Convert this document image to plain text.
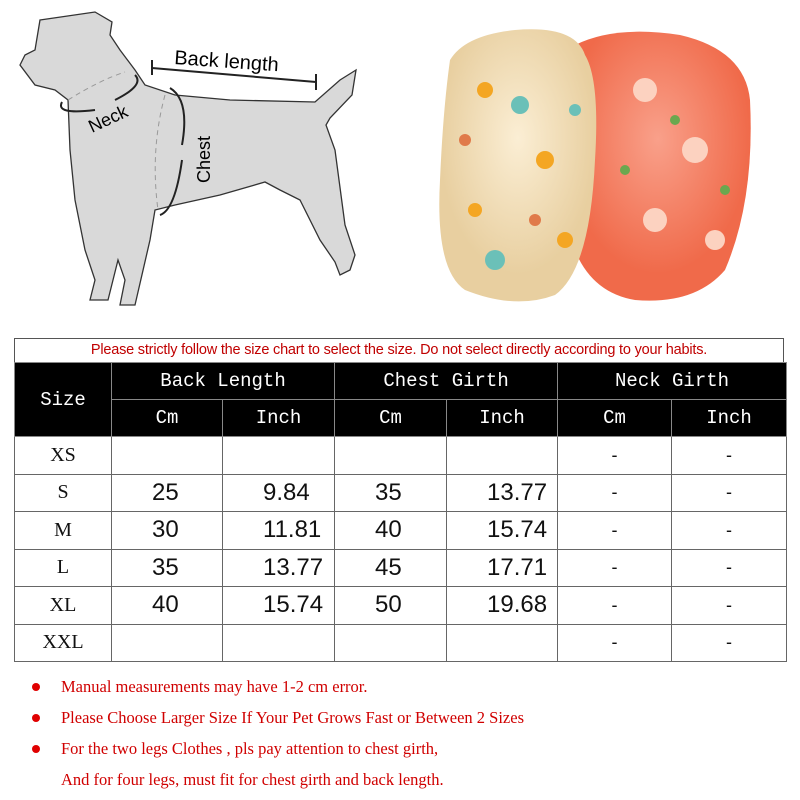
Back length
Neck
Chest
Please strictly follow the size chart to select the size. Do not select directly according to your habits.
Size	Back Length		Chest Girth		Neck Girth	
	Cm	Inch	Cm	Inch	Cm	Inch
XS					-	-
S	25	9.84	35	13.77	-	-
M	30	11.81	40	15.74	-	-
L	35	13.77	45	17.71	-	-
XL	40	15.74	50	19.68	-	-
XXL					-	-
Manual measurements may have 1-2 cm error.
Please Choose Larger Size If Your Pet Grows Fast or Between 2 Sizes
For the two legs Clothes , pls pay attention to chest girth,
And for four legs, must fit for chest girth and back length.
